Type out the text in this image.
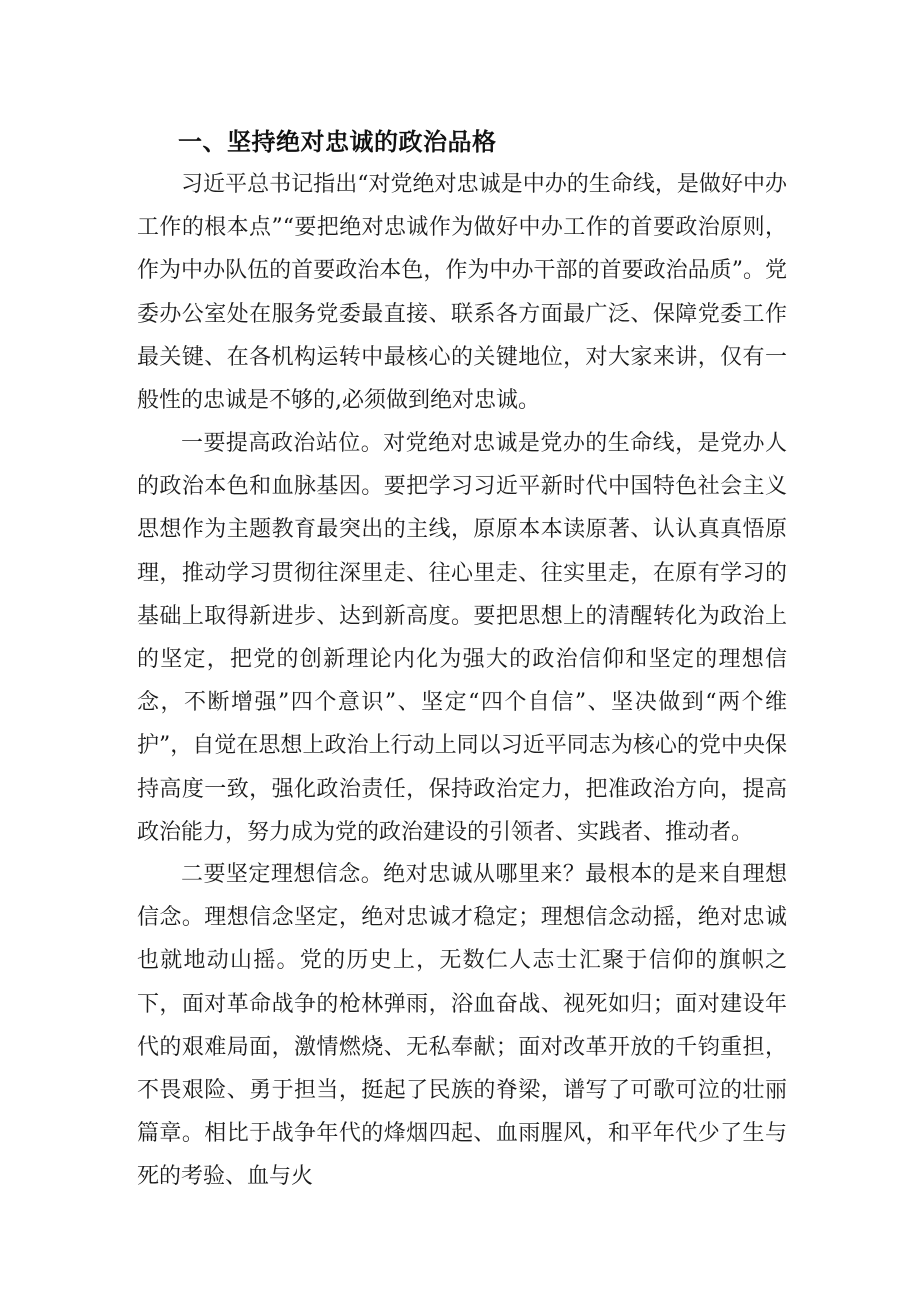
一、坚持绝对忠诚的政治品格

习近平总书记指出“对党绝对忠诚是中办的生命线，是做好中办工作的根本点”“要把绝对忠诚作为做好中办工作的首要政治原则，作为中办队伍的首要政治本色，作为中办干部的首要政治品质”。党委办公室处在服务党委最直接、联系各方面最广泛、保障党委工作最关键、在各机构运转中最核心的关键地位，对大家来讲，仅有一般性的忠诚是不够的,必须做到绝对忠诚。

一要提高政治站位。对党绝对忠诚是党办的生命线，是党办人的政治本色和血脉基因。要把学习习近平新时代中国特色社会主义思想作为主题教育最突出的主线，原原本本读原著、认认真真悟原理，推动学习贯彻往深里走、往心里走、往实里走，在原有学习的基础上取得新进步、达到新高度。要把思想上的清醒转化为政治上的坚定，把党的创新理论内化为强大的政治信仰和坚定的理想信念，不断增强”四个意识”、坚定“四个自信”、坚决做到“两个维护”，自觉在思想上政治上行动上同以习近平同志为核心的党中央保持高度一致，强化政治责任，保持政治定力，把准政治方向，提高政治能力，努力成为党的政治建设的引领者、实践者、推动者。

二要坚定理想信念。绝对忠诚从哪里来？最根本的是来自理想信念。理想信念坚定，绝对忠诚才稳定；理想信念动摇，绝对忠诚也就地动山摇。党的历史上，无数仁人志士汇聚于信仰的旗帜之下，面对革命战争的枪林弹雨，浴血奋战、视死如归；面对建设年代的艰难局面，激情燃烧、无私奉献；面对改革开放的千钧重担，不畏艰险、勇于担当，挺起了民族的脊梁，谱写了可歌可泣的壮丽篇章。相比于战争年代的烽烟四起、血雨腥风，和平年代少了生与死的考验、血与火
